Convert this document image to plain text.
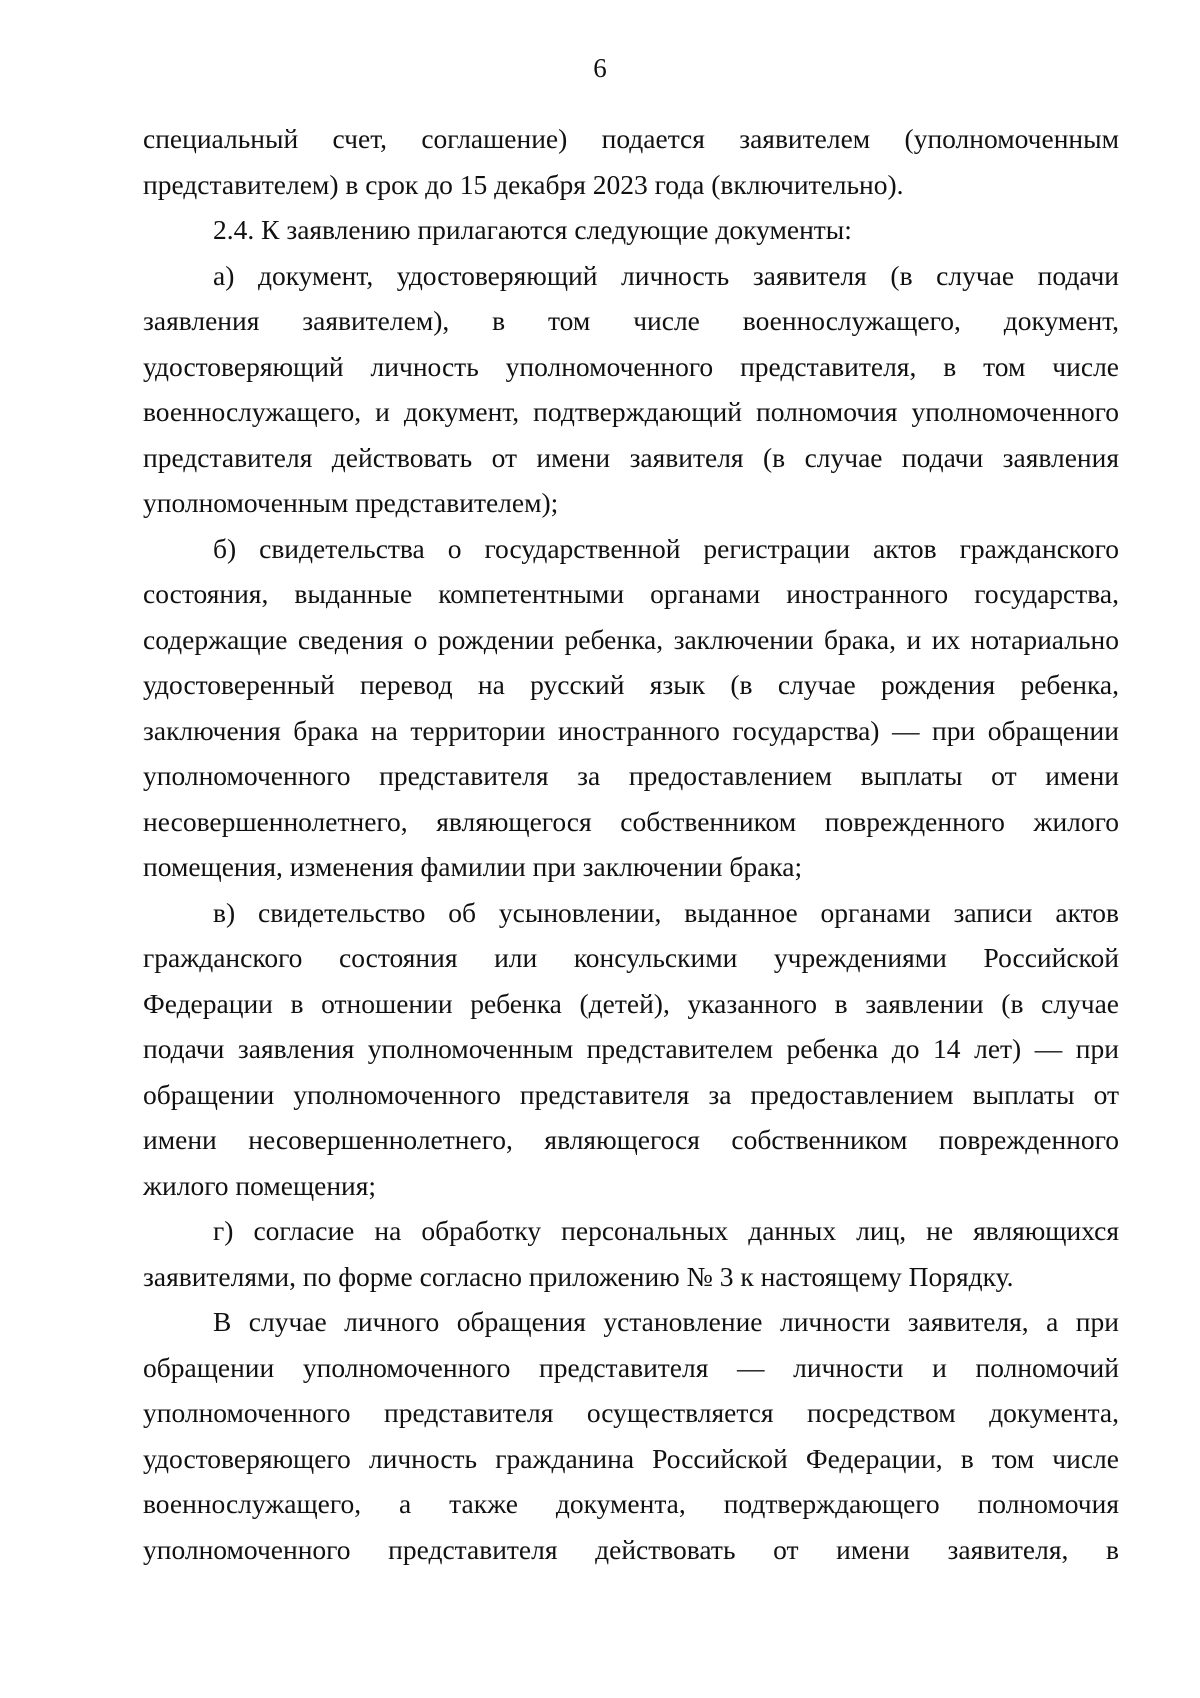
6
специальный счет, соглашение) подается заявителем (уполномоченным
представителем) в срок до 15 декабря 2023 года (включительно).
2.4. К заявлению прилагаются следующие документы:
а) документ, удостоверяющий личность заявителя (в случае подачи
заявления заявителем), в том числе военнослужащего, документ,
удостоверяющий личность уполномоченного представителя, в том числе
военнослужащего, и документ, подтверждающий полномочия уполномоченного
представителя действовать от имени заявителя (в случае подачи заявления
уполномоченным представителем);
б) свидетельства о государственной регистрации актов гражданского
состояния, выданные компетентными органами иностранного государства,
содержащие сведения о рождении ребенка, заключении брака, и их нотариально
удостоверенный перевод на русский язык (в случае рождения ребенка,
заключения брака на территории иностранного государства) — при обращении
уполномоченного представителя за предоставлением выплаты от имени
несовершеннолетнего, являющегося собственником поврежденного жилого
помещения, изменения фамилии при заключении брака;
в) свидетельство об усыновлении, выданное органами записи актов
гражданского состояния или консульскими учреждениями Российской
Федерации в отношении ребенка (детей), указанного в заявлении (в случае
подачи заявления уполномоченным представителем ребенка до 14 лет) — при
обращении уполномоченного представителя за предоставлением выплаты от
имени несовершеннолетнего, являющегося собственником поврежденного
жилого помещения;
г) согласие на обработку персональных данных лиц, не являющихся
заявителями, по форме согласно приложению № 3 к настоящему Порядку.
В случае личного обращения установление личности заявителя, а при
обращении уполномоченного представителя — личности и полномочий
уполномоченного представителя осуществляется посредством документа,
удостоверяющего личность гражданина Российской Федерации, в том числе
военнослужащего, а также документа, подтверждающего полномочия
уполномоченного представителя действовать от имени заявителя, в
